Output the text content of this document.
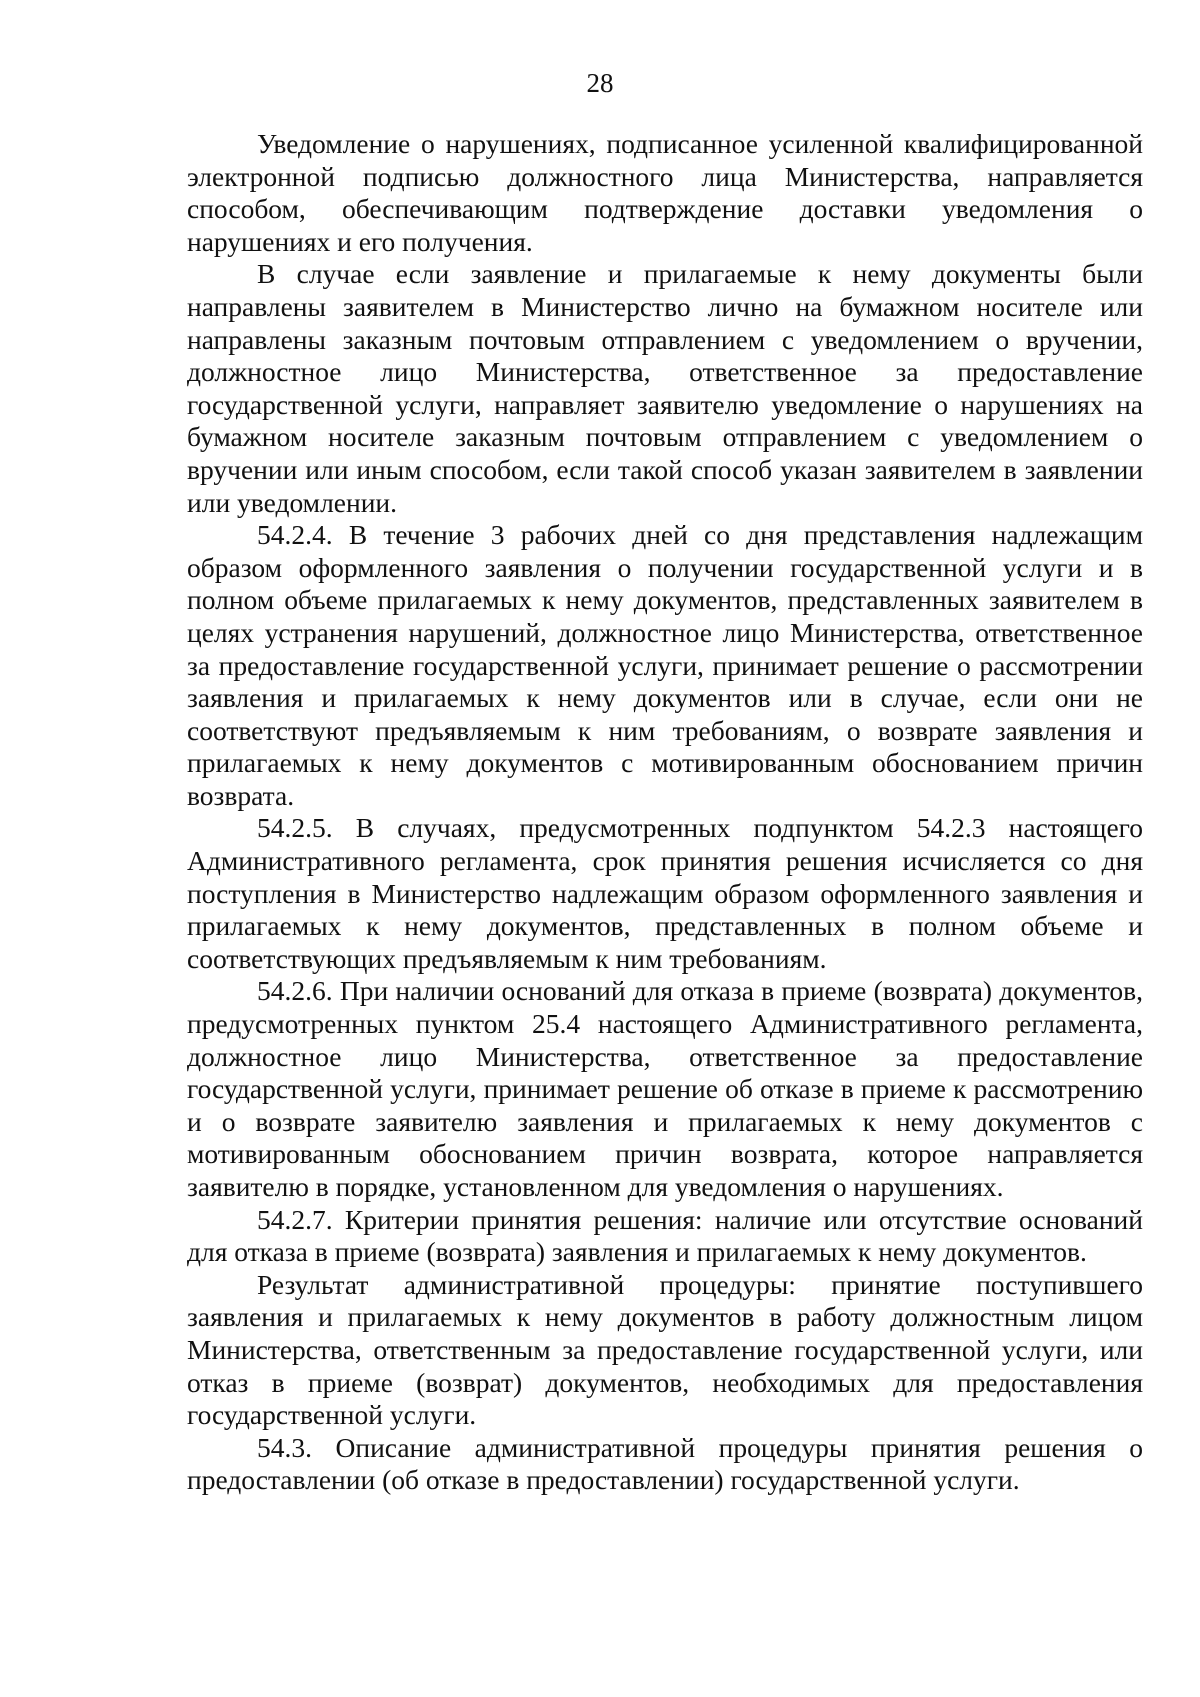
28

Уведомление о нарушениях, подписанное усиленной квалифицированной электронной подписью должностного лица Министерства, направляется способом, обеспечивающим подтверждение доставки уведомления о нарушениях и его получения.

В случае если заявление и прилагаемые к нему документы были направлены заявителем в Министерство лично на бумажном носителе или направлены заказным почтовым отправлением с уведомлением о вручении, должностное лицо Министерства, ответственное за предоставление государственной услуги, направляет заявителю уведомление о нарушениях на бумажном носителе заказным почтовым отправлением с уведомлением о вручении или иным способом, если такой способ указан заявителем в заявлении или уведомлении.

54.2.4. В течение 3 рабочих дней со дня представления надлежащим образом оформленного заявления о получении государственной услуги и в полном объеме прилагаемых к нему документов, представленных заявителем в целях устранения нарушений, должностное лицо Министерства, ответственное за предоставление государственной услуги, принимает решение о рассмотрении заявления и прилагаемых к нему документов или в случае, если они не соответствуют предъявляемым к ним требованиям, о возврате заявления и прилагаемых к нему документов с мотивированным обоснованием причин возврата.

54.2.5. В случаях, предусмотренных подпунктом 54.2.3 настоящего Административного регламента, срок принятия решения исчисляется со дня поступления в Министерство надлежащим образом оформленного заявления и прилагаемых к нему документов, представленных в полном объеме и соответствующих предъявляемым к ним требованиям.

54.2.6. При наличии оснований для отказа в приеме (возврата) документов, предусмотренных пунктом 25.4 настоящего Административного регламента, должностное лицо Министерства, ответственное за предоставление государственной услуги, принимает решение об отказе в приеме к рассмотрению и о возврате заявителю заявления и прилагаемых к нему документов с мотивированным обоснованием причин возврата, которое направляется заявителю в порядке, установленном для уведомления о нарушениях.

54.2.7. Критерии принятия решения: наличие или отсутствие оснований для отказа в приеме (возврата) заявления и прилагаемых к нему документов.

Результат административной процедуры: принятие поступившего заявления и прилагаемых к нему документов в работу должностным лицом Министерства, ответственным за предоставление государственной услуги, или отказ в приеме (возврат) документов, необходимых для предоставления государственной услуги.

54.3. Описание административной процедуры принятия решения о предоставлении (об отказе в предоставлении) государственной услуги.
